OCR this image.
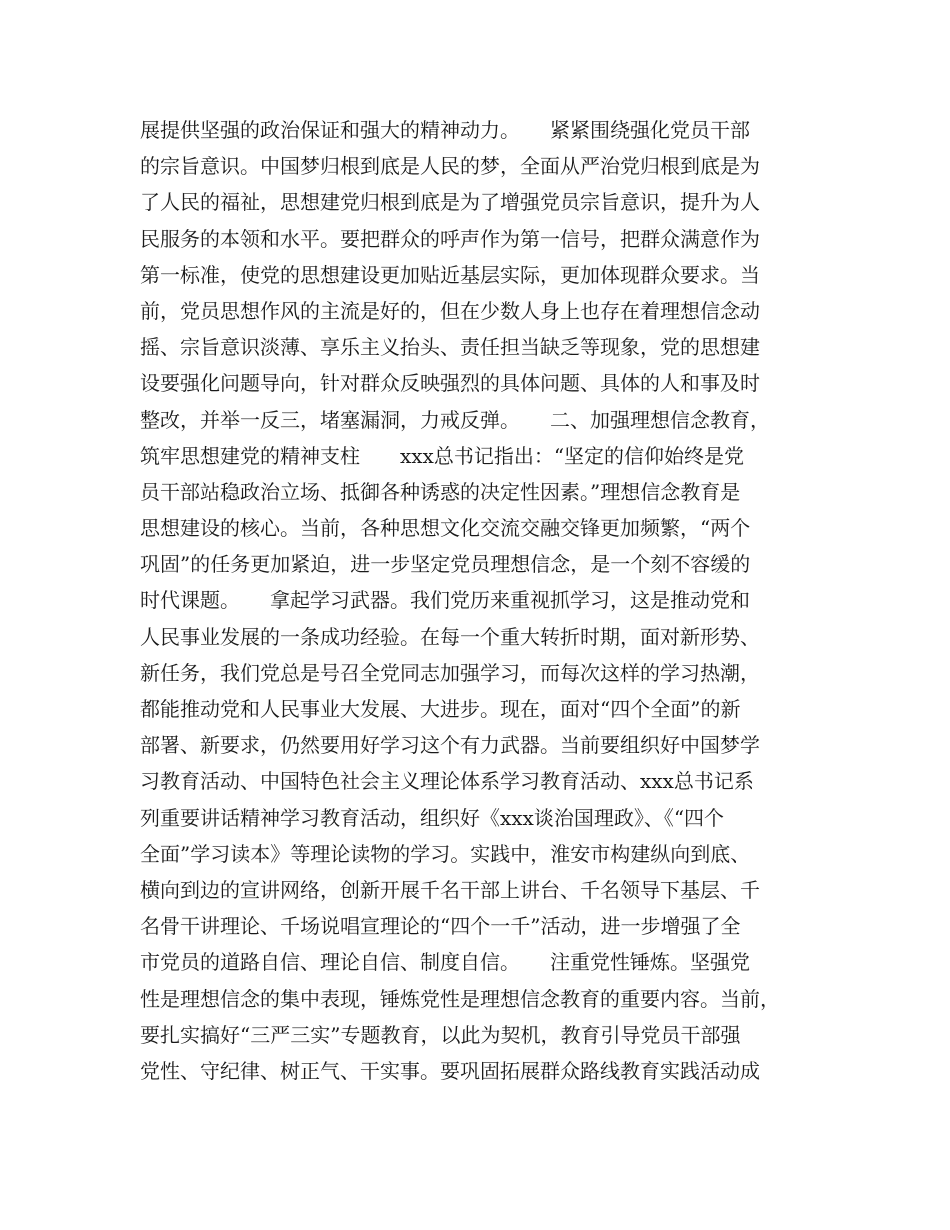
展提供坚强的政治保证和强大的精神动力。　　紧紧围绕强化党员干部
的宗旨意识。中国梦归根到底是人民的梦，全面从严治党归根到底是为
了人民的福祉，思想建党归根到底是为了增强党员宗旨意识，提升为人
民服务的本领和水平。要把群众的呼声作为第一信号，把群众满意作为
第一标准，使党的思想建设更加贴近基层实际，更加体现群众要求。当
前，党员思想作风的主流是好的，但在少数人身上也存在着理想信念动
摇、宗旨意识淡薄、享乐主义抬头、责任担当缺乏等现象，党的思想建
设要强化问题导向，针对群众反映强烈的具体问题、具体的人和事及时
整改，并举一反三，堵塞漏洞，力戒反弹。　　二、加强理想信念教育，
筑牢思想建党的精神支柱　　xxx总书记指出：“坚定的信仰始终是党
员干部站稳政治立场、抵御各种诱惑的决定性因素。”理想信念教育是
思想建设的核心。当前，各种思想文化交流交融交锋更加频繁，“两个
巩固”的任务更加紧迫，进一步坚定党员理想信念，是一个刻不容缓的
时代课题。　　拿起学习武器。我们党历来重视抓学习，这是推动党和
人民事业发展的一条成功经验。在每一个重大转折时期，面对新形势、
新任务，我们党总是号召全党同志加强学习，而每次这样的学习热潮，
都能推动党和人民事业大发展、大进步。现在，面对“四个全面”的新
部署、新要求，仍然要用好学习这个有力武器。当前要组织好中国梦学
习教育活动、中国特色社会主义理论体系学习教育活动、xxx总书记系
列重要讲话精神学习教育活动，组织好《xxx谈治国理政》、《“四个
全面”学习读本》等理论读物的学习。实践中，淮安市构建纵向到底、
横向到边的宣讲网络，创新开展千名干部上讲台、千名领导下基层、千
名骨干讲理论、千场说唱宣理论的“四个一千”活动，进一步增强了全
市党员的道路自信、理论自信、制度自信。　　注重党性锤炼。坚强党
性是理想信念的集中表现，锤炼党性是理想信念教育的重要内容。当前，
要扎实搞好“三严三实”专题教育，以此为契机，教育引导党员干部强
党性、守纪律、树正气、干实事。要巩固拓展群众路线教育实践活动成
